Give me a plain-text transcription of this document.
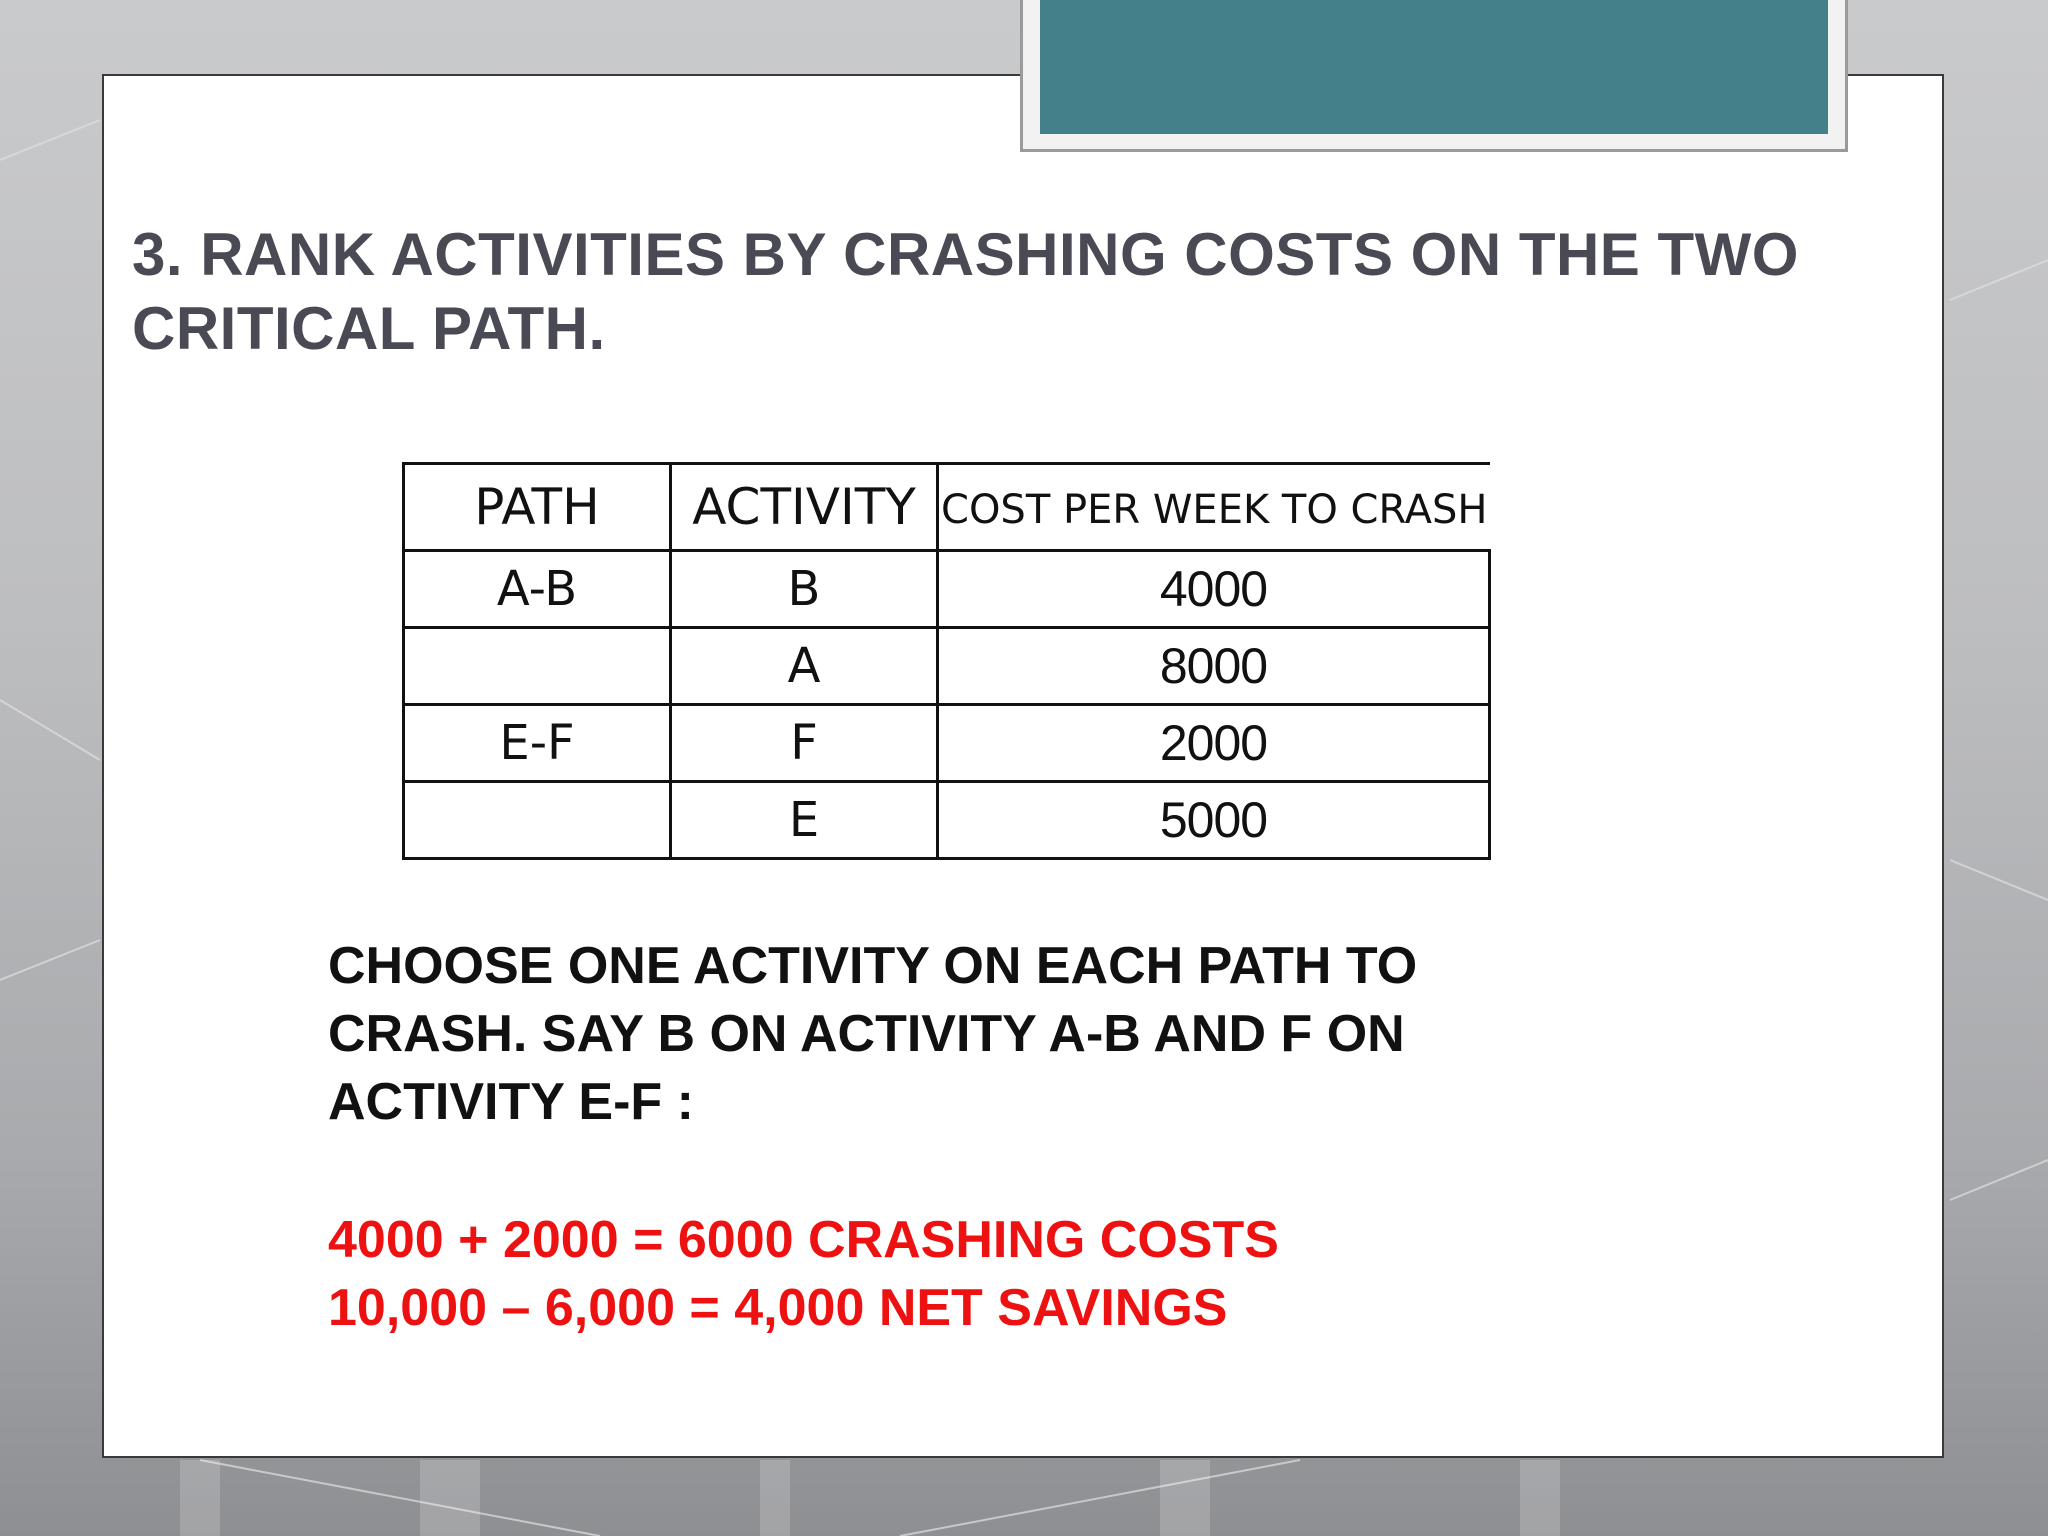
3. RANK ACTIVITIES BY CRASHING COSTS ON THE TWO CRITICAL PATH.
PATH	ACTIVITY	COST PER WEEK TO CRASH
A-B	B	4000
	A	8000
E-F	F	2000
	E	5000

CHOOSE ONE ACTIVITY ON EACH PATH TO CRASH. SAY B ON ACTIVITY A-B AND F ON ACTIVITY E-F :

4000 + 2000 = 6000 CRASHING COSTS
10,000 – 6,000 = 4,000 NET SAVINGS
